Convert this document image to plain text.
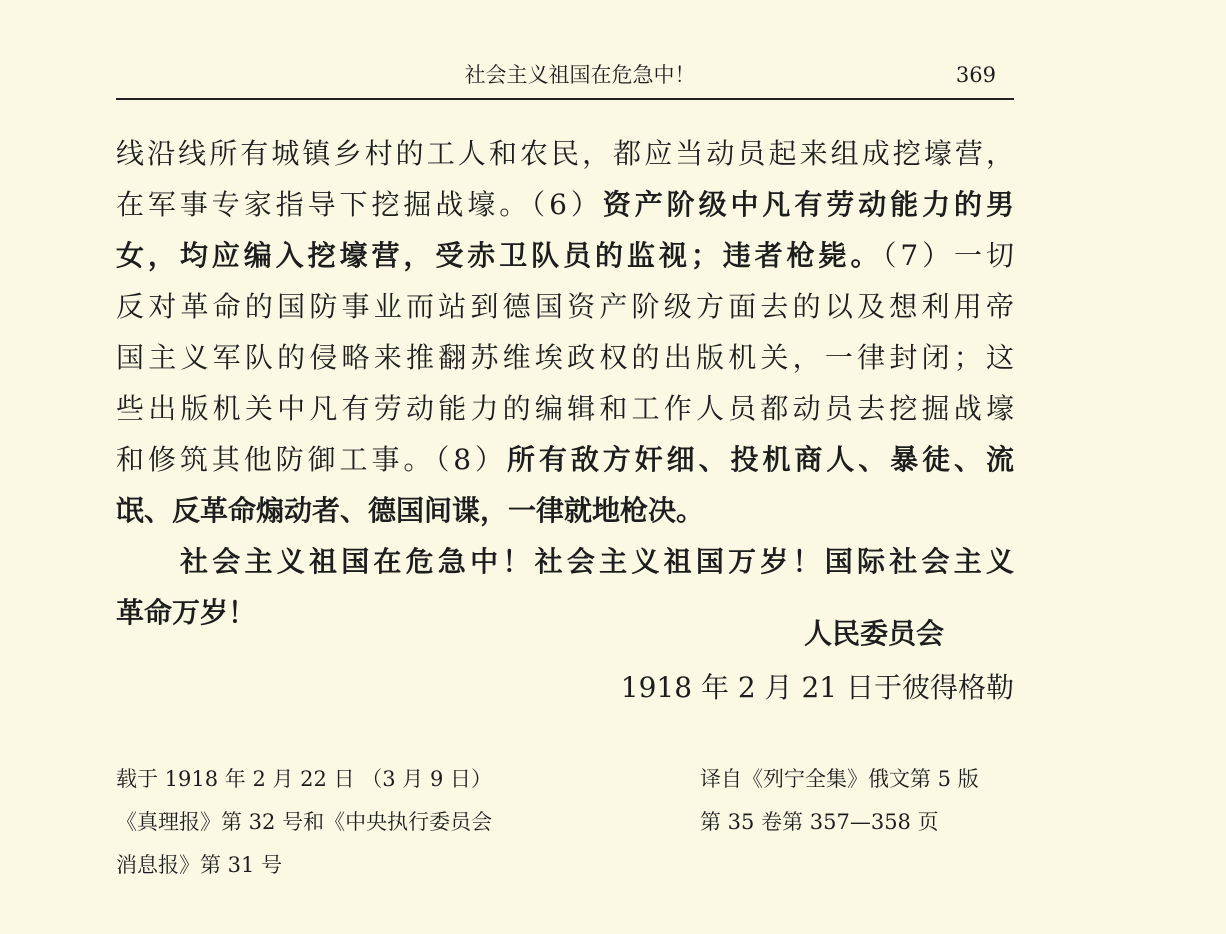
社会主义祖国在危急中！	369
线沿线所有城镇乡村的工人和农民，都应当动员起来组成挖壕营，
在军事专家指导下挖掘战壕。（6）资产阶级中凡有劳动能力的男
女，均应编入挖壕营，受赤卫队员的监视；违者枪毙。（7）一切
反对革命的国防事业而站到德国资产阶级方面去的以及想利用帝
国主义军队的侵略来推翻苏维埃政权的出版机关，一律封闭；这
些出版机关中凡有劳动能力的编辑和工作人员都动员去挖掘战壕
和修筑其他防御工事。（8）所有敌方奸细、投机商人、暴徒、流
氓、反革命煽动者、德国间谍，一律就地枪决。
社会主义祖国在危急中！社会主义祖国万岁！国际社会主义
革命万岁！
人民委员会
1918 年 2 月 21 日于彼得格勒
载于 1918 年 2 月 22 日 （3 月 9 日）
《真理报》第 32 号和《中央执行委员会
消息报》第 31 号
译自《列宁全集》俄文第 5 版
第 35 卷第 357—358 页
